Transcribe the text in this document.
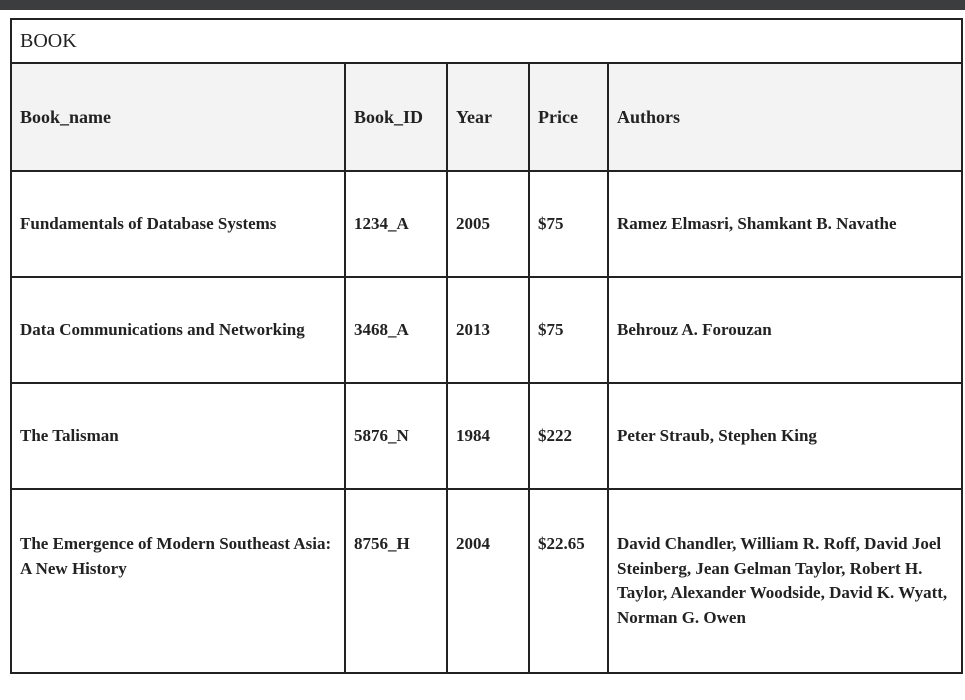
BOOK				
Book_name	Book_ID	Year	Price	Authors
Fundamentals of Database Systems	1234_A	2005	$75	Ramez Elmasri, Shamkant B. Navathe
Data Communications and Networking	3468_A	2013	$75	Behrouz A. Forouzan
The Talisman	5876_N	1984	$222	Peter Straub, Stephen King
The Emergence of Modern Southeast Asia: A New History	8756_H	2004	$22.65	David Chandler, William R. Roff, David Joel Steinberg, Jean Gelman Taylor, Robert H. Taylor, Alexander Woodside, David K. Wyatt, Norman G. Owen
